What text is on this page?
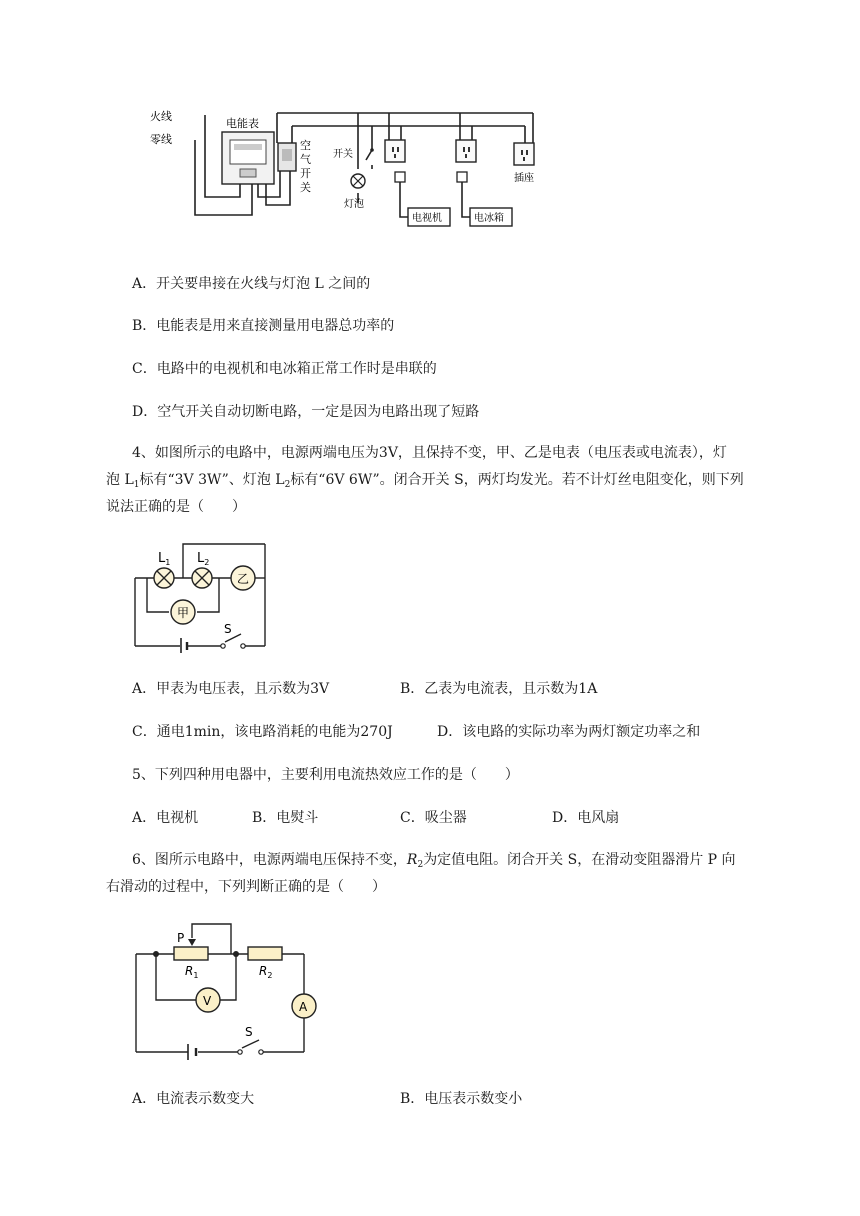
火线
零线
电能表
空气开关
开关
灯泡
电视机	电冰箱
插座
A．开关要串接在火线与灯泡 L 之间的
B．电能表是用来直接测量用电器总功率的
C．电路中的电视机和电冰箱正常工作时是串联的
D．空气开关自动切断电路，一定是因为电路出现了短路
4、如图所示的电路中，电源两端电压为3V，且保持不变，甲、乙是电表（电压表或电流表），灯
泡 $L_1$标有“3V 3W”、灯泡 $L_2$标有“6V 6W”。闭合开关 S，两灯均发光。若不计灯丝电阻变化，则下列
说法正确的是（　　）
$L_1$ $L_2$
乙
甲
S
A．甲表为电压表，且示数为3V	B．乙表为电流表，且示数为1A
C．通电1min，该电路消耗的电能为270J	D．该电路的实际功率为两灯额定功率之和
5、下列四种用电器中，主要利用电流热效应工作的是（　　）
A．电视机	B．电熨斗	C．吸尘器	D．电风扇
6、图所示电路中，电源两端电压保持不变，$R_2$为定值电阻。闭合开关 S，在滑动变阻器滑片 P 向
右滑动的过程中，下列判断正确的是（　　）
P
$R_1$	$R_2$
V	A
S
A．电流表示数变大	B．电压表示数变小
